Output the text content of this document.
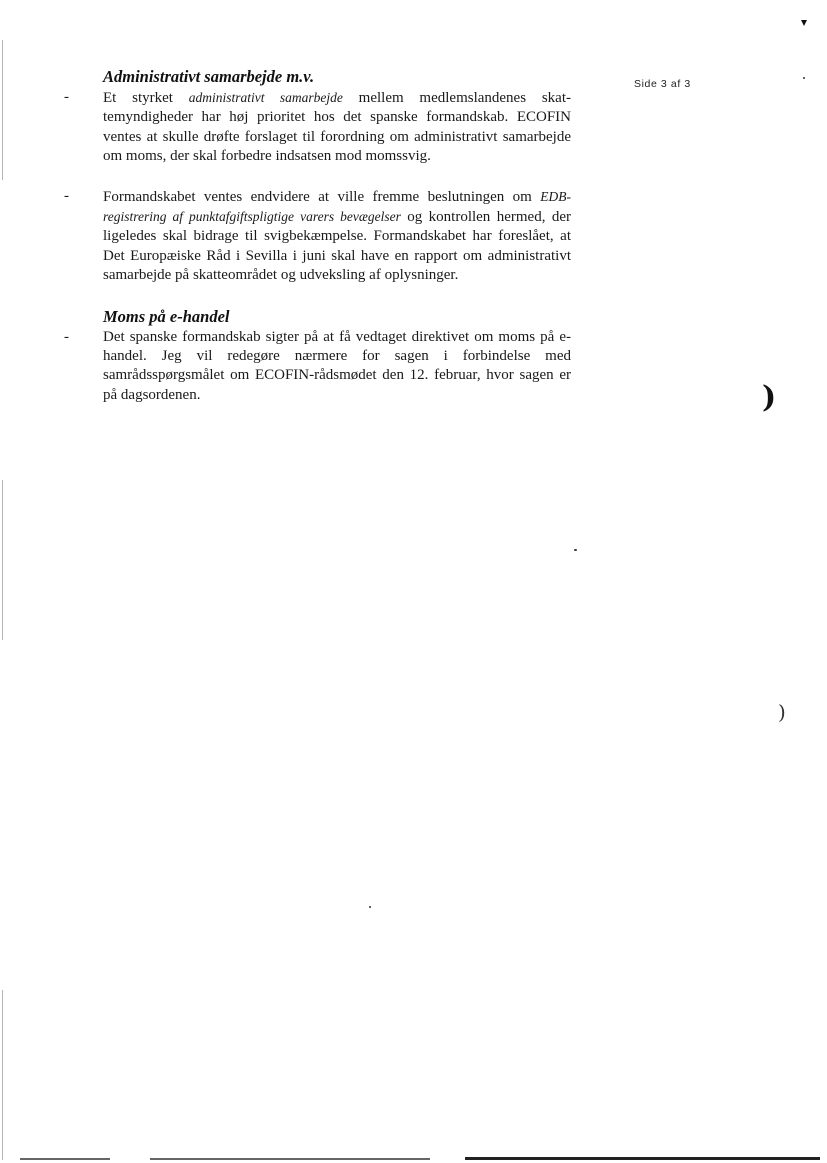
Side 3 af 3
Administrativt samarbejde m.v.

- Et styrket administrativt samarbejde mellem medlemslandenes skattemyndigheder har høj prioritet hos det spanske formandskab. ECOFIN ventes at skulle drøfte forslaget til forordning om administrativt samarbejde om moms, der skal forbedre indsatsen mod momssvig.

- Formandskabet ventes endvidere at ville fremme beslutningen om EDB-registrering af punktafgiftspligtige varers bevægelser og kontrollen hermed, der ligeledes skal bidrage til svigbekæmpelse. Formandskabet har foreslået, at Det Europæiske Råd i Sevilla i juni skal have en rapport om administrativt samarbejde på skatteområdet og udveksling af oplysninger.

Moms på e-handel

- Det spanske formandskab sigter på at få vedtaget direktivet om moms på e-handel. Jeg vil redegøre nærmere for sagen i forbindelse med samrådsspørgsmålet om ECOFIN-rådsmødet den 12. februar, hvor sagen er på dagsordenen.	)
)
